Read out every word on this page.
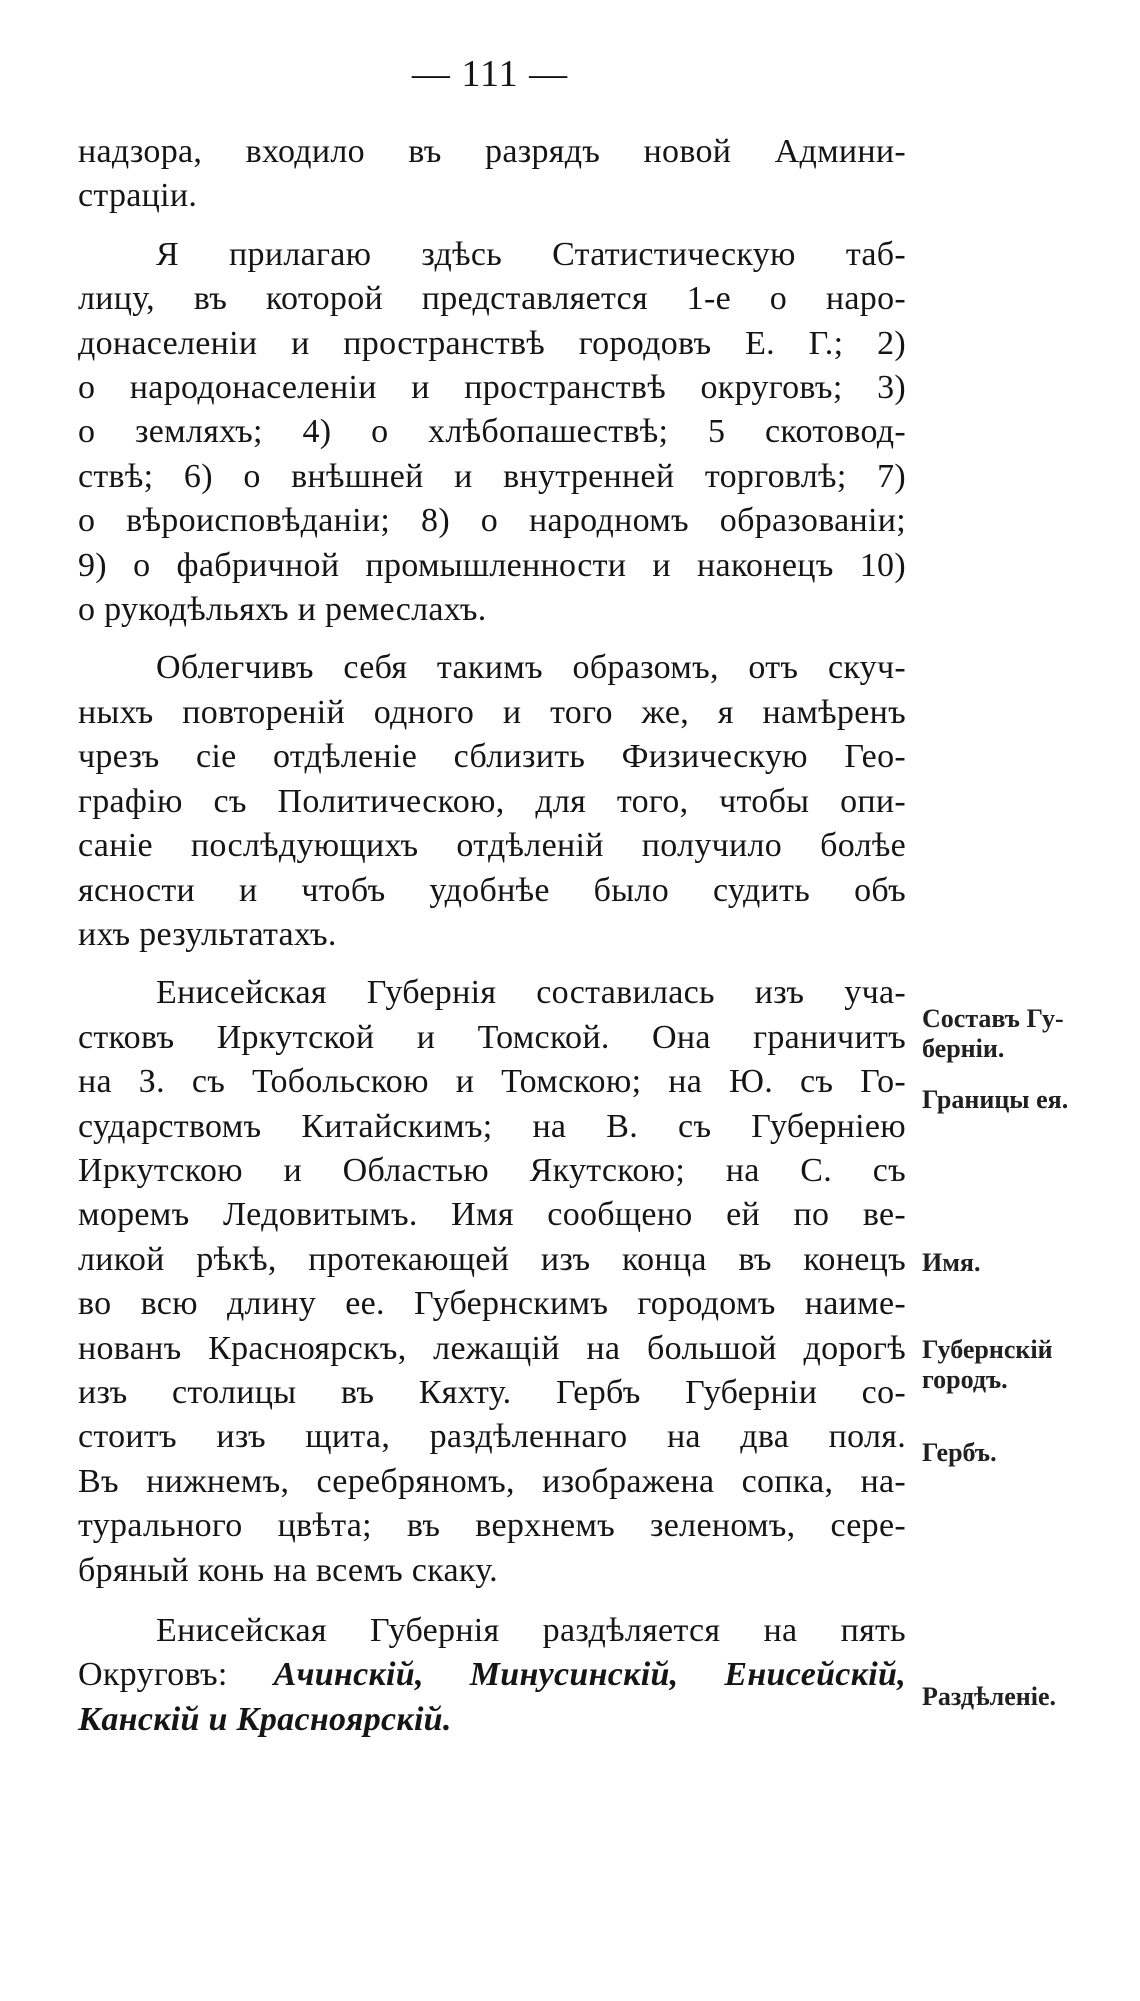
— 111 —
надзора, входило въ разрядъ новой Админи-
страціи.
Я прилагаю здѣсь Статистическую таб-
лицу, въ которой представляется 1-е о наро-
донаселеніи и пространствѣ городовъ Е. Г.; 2)
о народонаселеніи и пространствѣ округовъ; 3)
о земляхъ; 4) о хлѣбопашествѣ; 5 скотовод-
ствѣ; 6) о внѣшней и внутренней торговлѣ; 7)
о вѣроисповѣданіи; 8) о народномъ образованіи;
9) о фабричной промышленности и наконецъ 10)
о рукодѣльяхъ и ремеслахъ.
Облегчивъ себя такимъ образомъ, отъ скуч-
ныхъ повтореній одного и того же, я намѣренъ
чрезъ сіе отдѣленіе сблизить Физическую Гео-
графію съ Политическою, для того, чтобы опи-
саніе послѣдующихъ отдѣленій получило болѣе
ясности и чтобъ удобнѣе было судить объ
ихъ результатахъ.
Енисейская Губернія составилась изъ уча-
стковъ Иркутской и Томской. Она граничитъ
на З. съ Тобольскою и Томскою; на Ю. съ Го-
сударствомъ Китайскимъ; на В. съ Губерніею
Иркутскою и Областью Якутскою; на С. съ
моремъ Ледовитымъ. Имя сообщено ей по ве-
ликой рѣкѣ, протекающей изъ конца въ конецъ
во всю длину ее. Губернскимъ городомъ наиме-
нованъ Красноярскъ, лежащій на большой дорогѣ
изъ столицы въ Кяхту. Гербъ Губерніи со-
стоитъ изъ щита, раздѣленнаго на два поля.
Въ нижнемъ, серебряномъ, изображена сопка, на-
турального цвѣта; въ верхнемъ зеленомъ, сере-
бряный конь на всемъ скаку.
Енисейская Губернія раздѣляется на пять
Округовъ: Ачинскій, Минусинскій, Енисейскій,
Канскій и Красноярскій.
Составъ Гу-
берніи.
Границы ея.
Имя.
Губернскій
городъ.
Гербъ.
Раздѣленіе.
